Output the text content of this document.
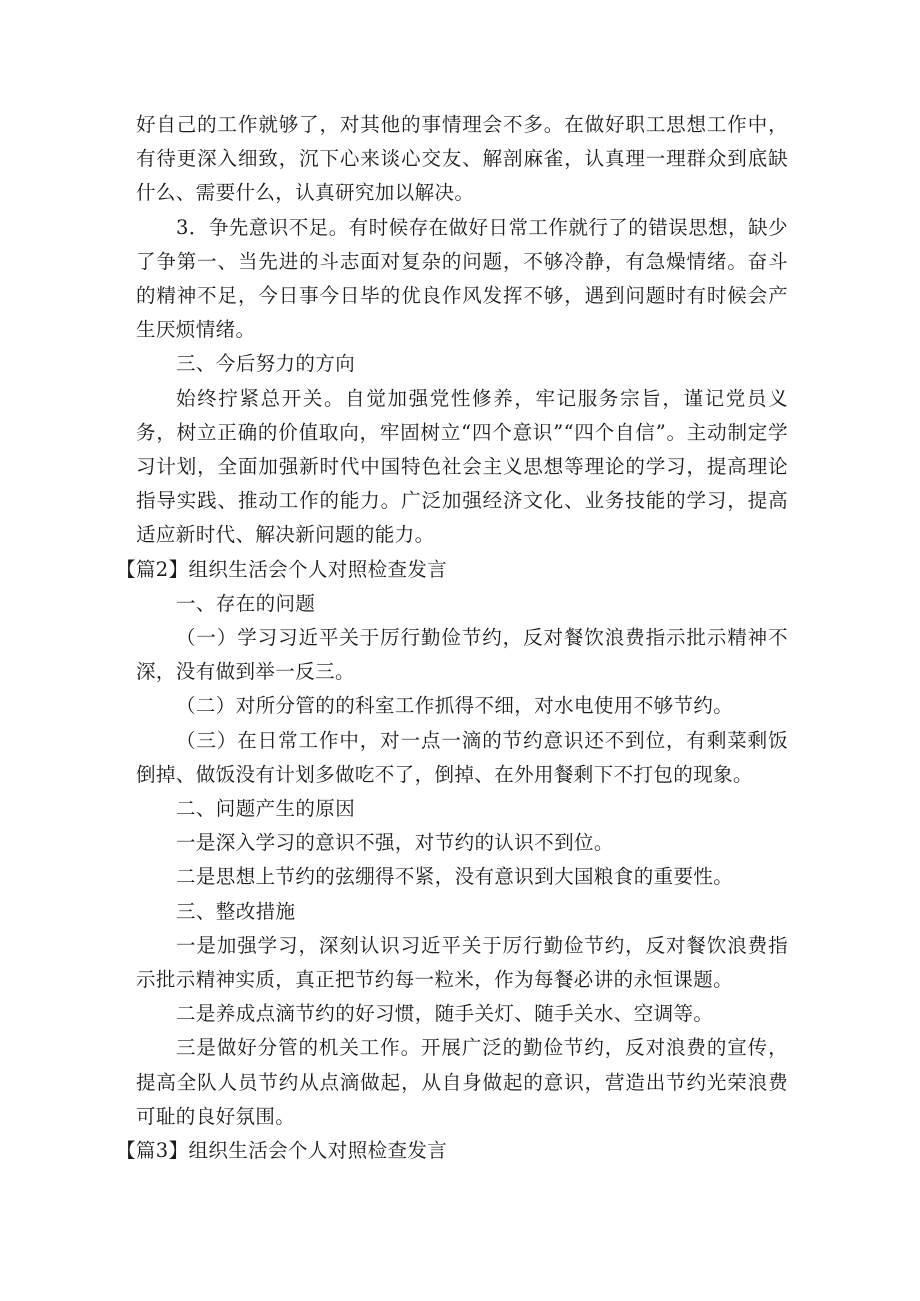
好自己的工作就够了，对其他的事情理会不多。在做好职工思想工作中，有待更深入细致，沉下心来谈心交友、解剖麻雀，认真理一理群众到底缺什么、需要什么，认真研究加以解决。

3．争先意识不足。有时候存在做好日常工作就行了的错误思想，缺少了争第一、当先进的斗志面对复杂的问题，不够冷静，有急燥情绪。奋斗的精神不足，今日事今日毕的优良作风发挥不够，遇到问题时有时候会产生厌烦情绪。

三、今后努力的方向

始终拧紧总开关。自觉加强党性修养，牢记服务宗旨，谨记党员义务，树立正确的价值取向，牢固树立“四个意识”“四个自信”。主动制定学习计划，全面加强新时代中国特色社会主义思想等理论的学习，提高理论指导实践、推动工作的能力。广泛加强经济文化、业务技能的学习，提高适应新时代、解决新问题的能力。

【篇2】组织生活会个人对照检查发言

一、存在的问题

（一）学习习近平关于厉行勤俭节约，反对餐饮浪费指示批示精神不深，没有做到举一反三。

（二）对所分管的的科室工作抓得不细，对水电使用不够节约。

（三）在日常工作中，对一点一滴的节约意识还不到位，有剩菜剩饭倒掉、做饭没有计划多做吃不了，倒掉、在外用餐剩下不打包的现象。

二、问题产生的原因

一是深入学习的意识不强，对节约的认识不到位。

二是思想上节约的弦绷得不紧，没有意识到大国粮食的重要性。

三、整改措施

一是加强学习，深刻认识习近平关于厉行勤俭节约，反对餐饮浪费指示批示精神实质，真正把节约每一粒米，作为每餐必讲的永恒课题。

二是养成点滴节约的好习惯，随手关灯、随手关水、空调等。

三是做好分管的机关工作。开展广泛的勤俭节约，反对浪费的宣传，提高全队人员节约从点滴做起，从自身做起的意识，营造出节约光荣浪费可耻的良好氛围。

【篇3】组织生活会个人对照检查发言
